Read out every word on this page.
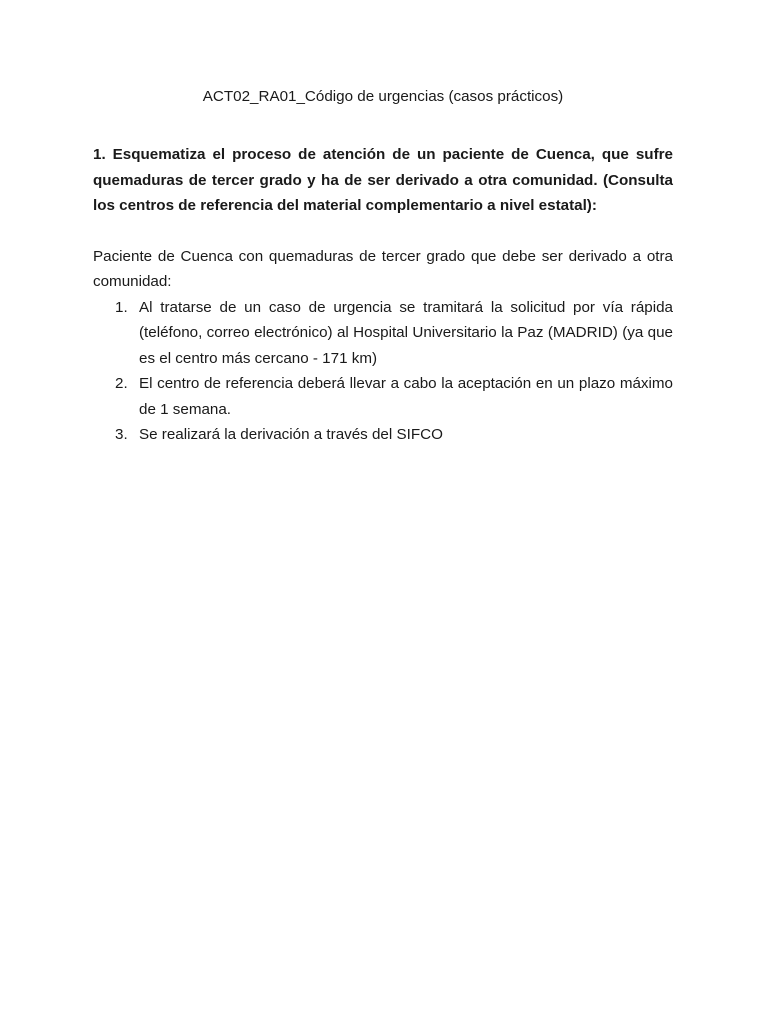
ACT02_RA01_Código de urgencias (casos prácticos)

1. Esquematiza el proceso de atención de un paciente de Cuenca, que sufre quemaduras de tercer grado y ha de ser derivado a otra comunidad. (Consulta los centros de referencia del material complementario a nivel estatal):

Paciente de Cuenca con quemaduras de tercer grado que debe ser derivado a otra comunidad:

1. Al tratarse de un caso de urgencia se tramitará la solicitud por vía rápida (teléfono, correo electrónico) al Hospital Universitario la Paz (MADRID) (ya que es el centro más cercano - 171 km)
2. El centro de referencia deberá llevar a cabo la aceptación en un plazo máximo de 1 semana.
3. Se realizará la derivación a través del SIFCO
